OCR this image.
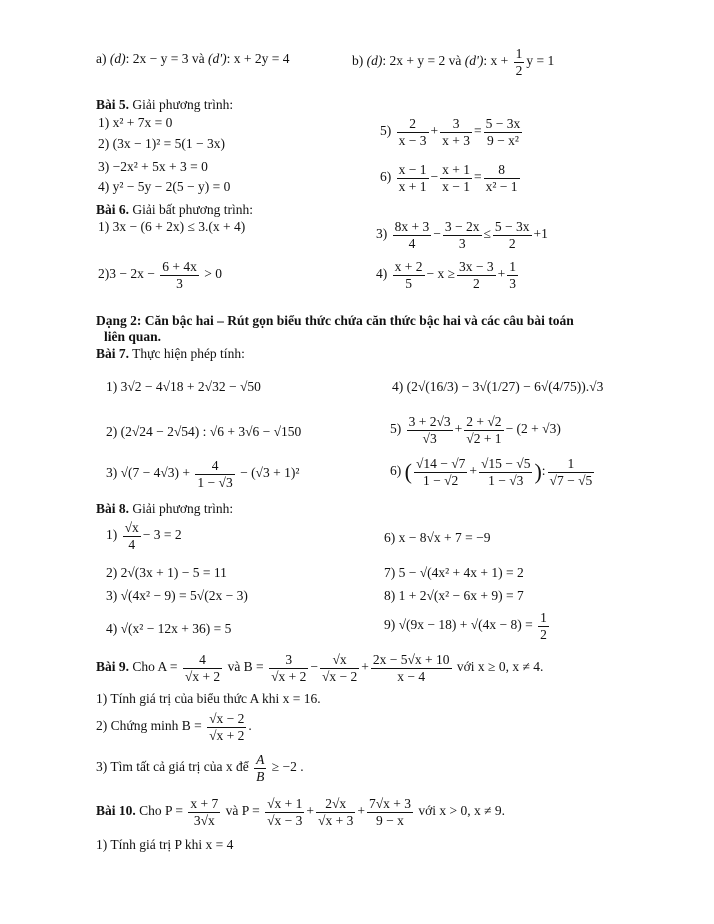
a) (d): 2x − y = 3 và (d'): x + 2y = 4	b) (d): 2x + y = 2 và (d'): $x + \frac{1}{2}$ y = 1
Bài 5. Giải phương trình:
1) x² + 7x = 0
2) (3x − 1)² = 5(1 − 3x)
3) −2x² + 5x + 3 = 0
4) y² − 5y − 2(5 − y) = 0
$5) \frac{2}{x - 3} + \frac{3}{x + 3} = \frac{5 - 3x}{\text{9 − x²}}$
$6) \frac{x - 1}{x + 1} - \frac{x + 1}{x - 1} = \frac{8}{\text{x² − 1}}$
Bài 6. Giải bất phương trình:
1) 3x − (6 + 2x) ≤ 3.(x + 4)
$2)3 - 2x - \frac{6 + 4x}{3} > 0$
$3) \frac{8x + 3}{4} - \frac{3 - 2x}{3} \le \frac{5 - 3x}{2} +1$
$4) \frac{x + 2}{5} - x \ge \frac{3x - 3}{2} + \frac{1}{3}$
Dạng 2: Căn bậc hai – Rút gọn biểu thức chứa căn thức bậc hai và các câu bài toán
liên quan.
Bài 7. Thực hiện phép tính:
1) 3√2 − 4√18 + 2√32 − √50	4) (2√(16/3) − 3√(1/27) − 6√(4/75)).√3
2) (2√24 − 2√54) : √6 + 3√6 − √150	$5) \frac{3 + 2√3}{√3} + \frac{2 + √2}{√2 + 1} - (2 + √3)$
3) $√(7 - 4√3) + \frac{4}{1 - √3} - (√3 + 1)^2$	6) ( $\frac{√14 - √7}{1 - √2} + \frac{√15 - √5}{1 - √3}$ ): $\frac{1}{√7 - √5}$
Bài 8. Giải phương trình:
$1) \frac{√x}{4} - 3 = 2$	6) x − 8√x + 7 = −9
2) 2√(3x + 1) − 5 = 11	7) 5 − √(4x² + 4x + 1) = 2
3) √(4x² − 9) = 5√(2x − 3)	8) 1 + 2√(x² − 6x + 9) = 7
4) √(x² − 12x + 36) = 5	9) $√(9x - 18) + √(4x - 8) = \frac{1}{2}$
Bài 9. Cho $A = \frac{4}{√x + 2}$ và $B = \frac{3}{√x + 2} - \frac{√x}{√x - 2} + \frac{2x - 5√x + 10}{x - 4}$ với x ≥ 0, x ≠ 4.
1) Tính giá trị của biểu thức A khi x = 16.
2) Chứng minh $B = \frac{√x - 2}{√x + 2}$ .
3) Tìm tất cả giá trị của x để $\frac{A}{B} \ge -2$ .
Bài 10. Cho $P = \frac{x + 7}{3√x}$ và $P = \frac{√x + 1}{√x - 3} + \frac{2√x}{√x + 3} + \frac{7√x + 3}{9 - x}$ với x > 0, x ≠ 9.
1) Tính giá trị P khi x = 4
